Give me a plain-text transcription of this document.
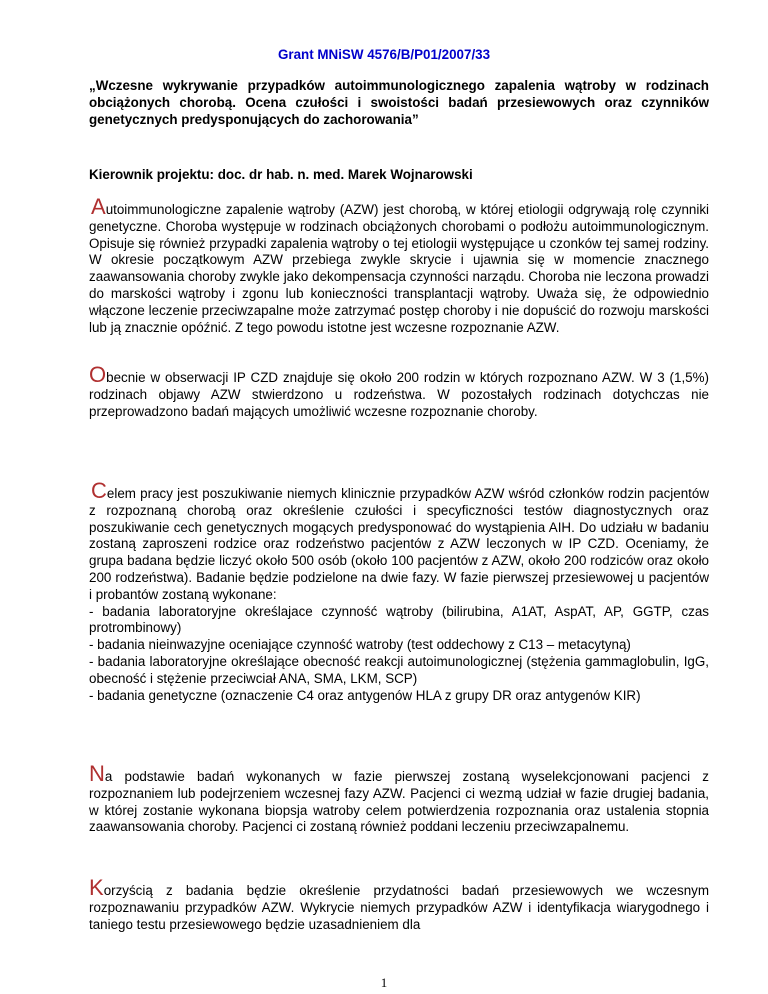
Grant MNiSW 4576/B/P01/2007/33
„Wczesne wykrywanie przypadków autoimmunologicznego zapalenia wątroby w rodzinach obciążonych chorobą. Ocena czułości i swoistości badań przesiewowych oraz czynników genetycznych predysponujących do zachorowania”
Kierownik projektu: doc. dr hab. n. med. Marek Wojnarowski
Autoimmunologiczne zapalenie wątroby (AZW) jest chorobą, w której etiologii odgrywają rolę czynniki genetyczne. Choroba występuje w rodzinach obciążonych chorobami o podłożu autoimmunologicznym. Opisuje się również przypadki zapalenia wątroby o tej etiologii występujące u czonków tej samej rodziny. W okresie początkowym AZW przebiega zwykle skrycie i ujawnia się w momencie znacznego zaawansowania choroby zwykle jako dekompensacja czynności narządu. Choroba nie leczona prowadzi do marskości wątroby i zgonu lub konieczności transplantacji wątroby. Uważa się, że odpowiednio włączone leczenie przeciwzapalne może zatrzymać postęp choroby i nie dopuścić do rozwoju marskości lub ją znacznie opóźnić. Z tego powodu istotne jest wczesne rozpoznanie AZW.
Obecnie w obserwacji IP CZD znajduje się około 200 rodzin w których rozpoznano AZW. W 3 (1,5%) rodzinach objawy AZW stwierdzono u rodzeństwa. W pozostałych rodzinach dotychczas nie przeprowadzono badań mających umożliwić wczesne rozpoznanie choroby.
Celem pracy jest poszukiwanie niemych klinicznie przypadków AZW wśród członków rodzin pacjentów z rozpoznaną chorobą oraz określenie czułości i specyficzności testów diagnostycznych oraz poszukiwanie cech genetycznych mogących predysponować do wystąpienia AIH. Do udziału w badaniu zostaną zaproszeni rodzice oraz rodzeństwo pacjentów z AZW leczonych w IP CZD. Oceniamy, że grupa badana będzie liczyć około 500 osób (około 100 pacjentów z AZW, około 200 rodziców oraz około 200 rodzeństwa). Badanie będzie podzielone na dwie fazy. W fazie pierwszej przesiewowej u pacjentów i probantów zostaną wykonane:
- badania laboratoryjne określajace czynność wątroby (bilirubina, A1AT, AspAT, AP, GGTP, czas protrombinowy)
- badania nieinwazyjne oceniające czynność watroby (test oddechowy z C13 – metacytyną)
- badania laboratoryjne określające obecność reakcji autoimunologicznej (stężenia gammaglobulin, IgG, obecność i stężenie przeciwciał ANA, SMA, LKM, SCP)
- badania genetyczne (oznaczenie C4 oraz antygenów HLA z grupy DR oraz antygenów KIR)
Na podstawie badań wykonanych w fazie pierwszej zostaną wyselekcjonowani pacjenci z rozpoznaniem lub podejrzeniem wczesnej fazy AZW. Pacjenci ci wezmą udział w fazie drugiej badania, w której zostanie wykonana biopsja watroby celem potwierdzenia rozpoznania oraz ustalenia stopnia zaawansowania choroby. Pacjenci ci zostaną również poddani leczeniu przeciwzapalnemu.
Korzyścią z badania będzie określenie przydatności badań przesiewowych we wczesnym rozpoznawaniu przypadków AZW. Wykrycie niemych przypadków AZW i identyfikacja wiarygodnego i taniego testu przesiewowego będzie uzasadnieniem dla
1
